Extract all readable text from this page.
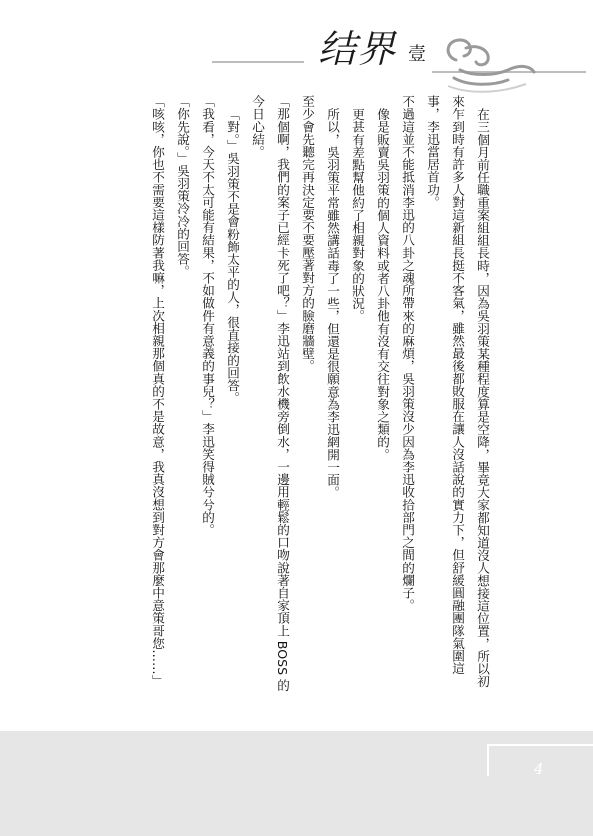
结界 壹

在三個月前任職重案組組長時，因為吳羽策某種程度算是空降，畢竟大家都知道沒人想接這位置，所以初來乍到時有許多人對這新組長挺不客氣，雖然最後都敗服在讓人沒話說的實力下，但舒緩圓融團隊氣圍這事，李迅當居首功。

不過這並不能抵消李迅的八卦之魂所帶來的麻煩，吳羽策沒少因為李迅收拾部門之間的爛子。

像是販賣吳羽策的個人資料或者八卦他有沒有交往對象之類的。

更甚有差點幫他約了相親對象的狀況。

所以，吳羽策平常雖然講話毒了一些，但還是很願意為李迅網開一面。

至少會先聽完再決定要不要壓著對方的臉磨牆壁。

「那個啊，我們的案子已經卡死了吧？」李迅站到飲水機旁倒水，一邊用輕鬆的口吻說著自家頂上 BOSS 的今日心結。

「對。」吳羽策不是會粉飾太平的人，很直接的回答。

「我看，今天不太可能有結果，不如做件有意義的事兒？」李迅笑得賊兮兮的。

「你先說。」吳羽策冷冷的回答。

「咳咳，你也不需要這樣防著我嘛，上次相親那個真的不是故意，我真沒想到對方會那麼中意策哥您……」

4
